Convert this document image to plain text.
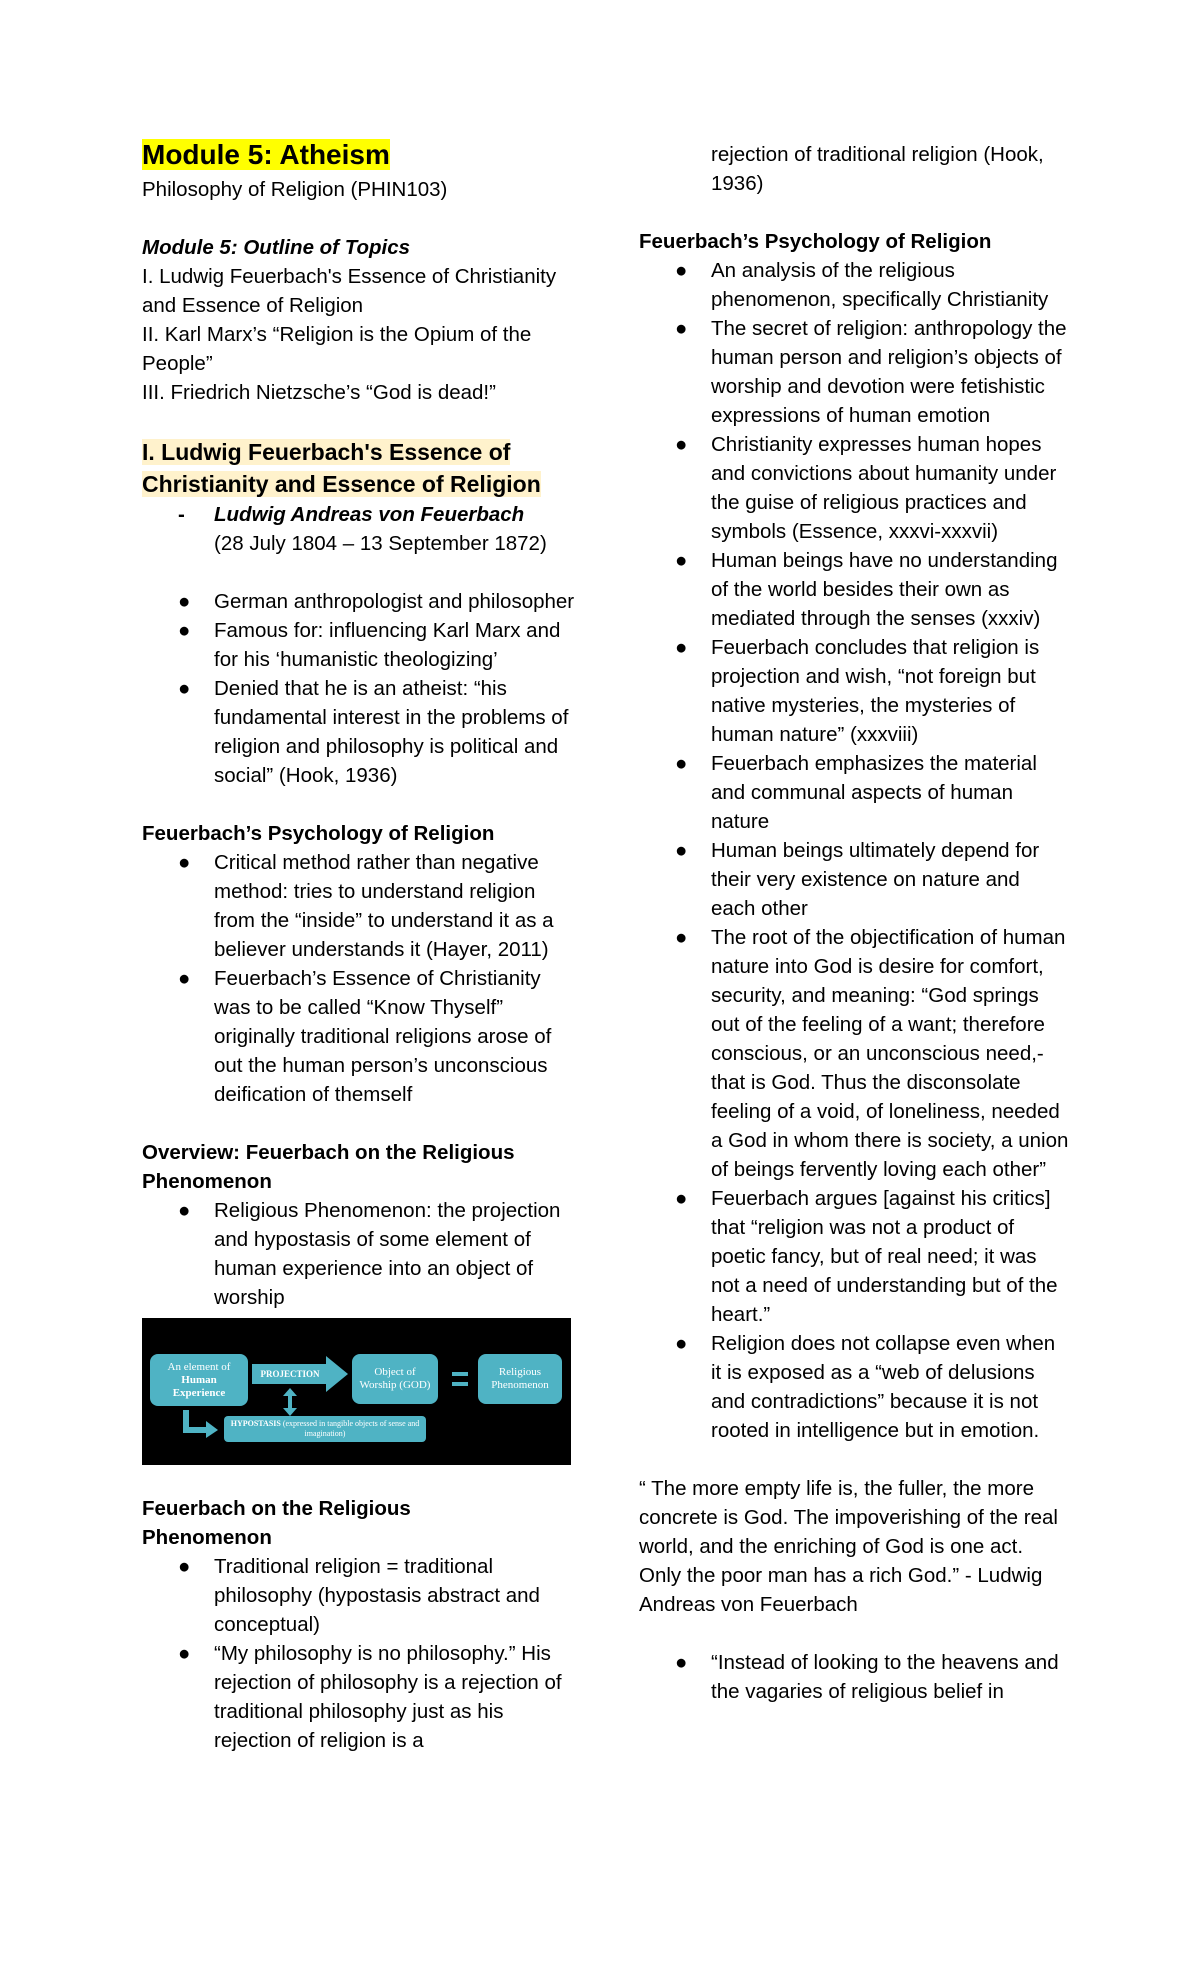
Module 5: Atheism

Philosophy of Religion (PHIN103)

Module 5: Outline of Topics

I. Ludwig Feuerbach's Essence of Christianity and Essence of Religion

II. Karl Marx’s “Religion is the Opium of the People”

III. Friedrich Nietzsche’s “God is dead!”

I. Ludwig Feuerbach's Essence of Christianity and Essence of Religion

- Ludwig Andreas von Feuerbach
(28 July 1804 – 13 September 1872)
●	German anthropologist and philosopher
●	Famous for: influencing Karl Marx and for his ‘humanistic theologizing’
●	Denied that he is an atheist: “his fundamental interest in the problems of religion and philosophy is political and social” (Hook, 1936)

Feuerbach’s Psychology of Religion

●	Critical method rather than negative method: tries to understand religion from the “inside” to understand it as a believer understands it (Hayer, 2011)
●	Feuerbach’s Essence of Christianity was to be called “Know Thyself” originally traditional religions arose of out the human person’s unconscious deification of themself

Overview: Feuerbach on the Religious Phenomenon

●	Religious Phenomenon: the projection and hypostasis of some element of human experience into an object of worship
An element of
Human
Experience
PROJECTION
HYPOSTASIS (expressed in tangible objects of sense and imagination)
Object of
Worship (GOD)
Religious
Phenomenon

Feuerbach on the Religious Phenomenon

●	Traditional religion = traditional philosophy (hypostasis abstract and conceptual)
●	“My philosophy is no philosophy.” His rejection of philosophy is a rejection of traditional philosophy just as his rejection of religion is a

rejection of traditional religion (Hook, 1936)

Feuerbach’s Psychology of Religion

●	An analysis of the religious phenomenon, specifically Christianity
●	The secret of religion: anthropology the human person and religion’s objects of worship and devotion were fetishistic expressions of human emotion
●	Christianity expresses human hopes and convictions about humanity under the guise of religious practices and symbols (Essence, xxxvi-xxxvii)
●	Human beings have no understanding of the world besides their own as mediated through the senses (xxxiv)
●	Feuerbach concludes that religion is projection and wish, “not foreign but native mysteries, the mysteries of human nature” (xxxviii)
●	Feuerbach emphasizes the material and communal aspects of human nature
●	Human beings ultimately depend for their very existence on nature and each other
●	The root of the objectification of human nature into God is desire for comfort, security, and meaning: “God springs out of the feeling of a want; therefore conscious, or an unconscious need,-that is God. Thus the disconsolate feeling of a void, of loneliness, needed a God in whom there is society, a union of beings fervently loving each other”
●	Feuerbach argues [against his critics] that “religion was not a product of poetic fancy, but of real need; it was not a need of understanding but of the heart.”
●	Religion does not collapse even when it is exposed as a “web of delusions and contradictions” because it is not rooted in intelligence but in emotion.

“ The more empty life is, the fuller, the more concrete is God. The impoverishing of the real world, and the enriching of God is one act. Only the poor man has a rich God.” - Ludwig Andreas von Feuerbach

●	“Instead of looking to the heavens and the vagaries of religious belief in
